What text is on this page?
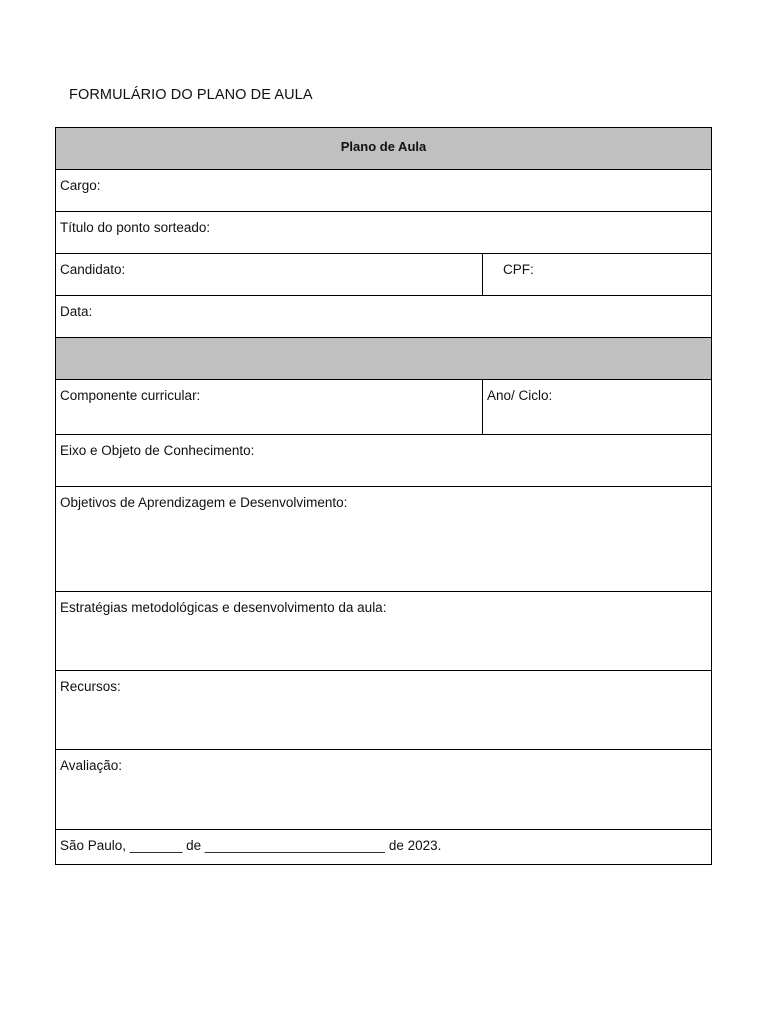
FORMULÁRIO DO PLANO DE AULA
Plano de Aula
Cargo:
Título do ponto sorteado:
Candidato:	CPF:
Data:
Componente curricular:	Ano/ Ciclo:
Eixo e Objeto de Conhecimento:
Objetivos de Aprendizagem e Desenvolvimento:
Estratégias metodológicas e desenvolvimento da aula:
Recursos:
Avaliação:
São Paulo, _______ de ________________________ de 2023.
